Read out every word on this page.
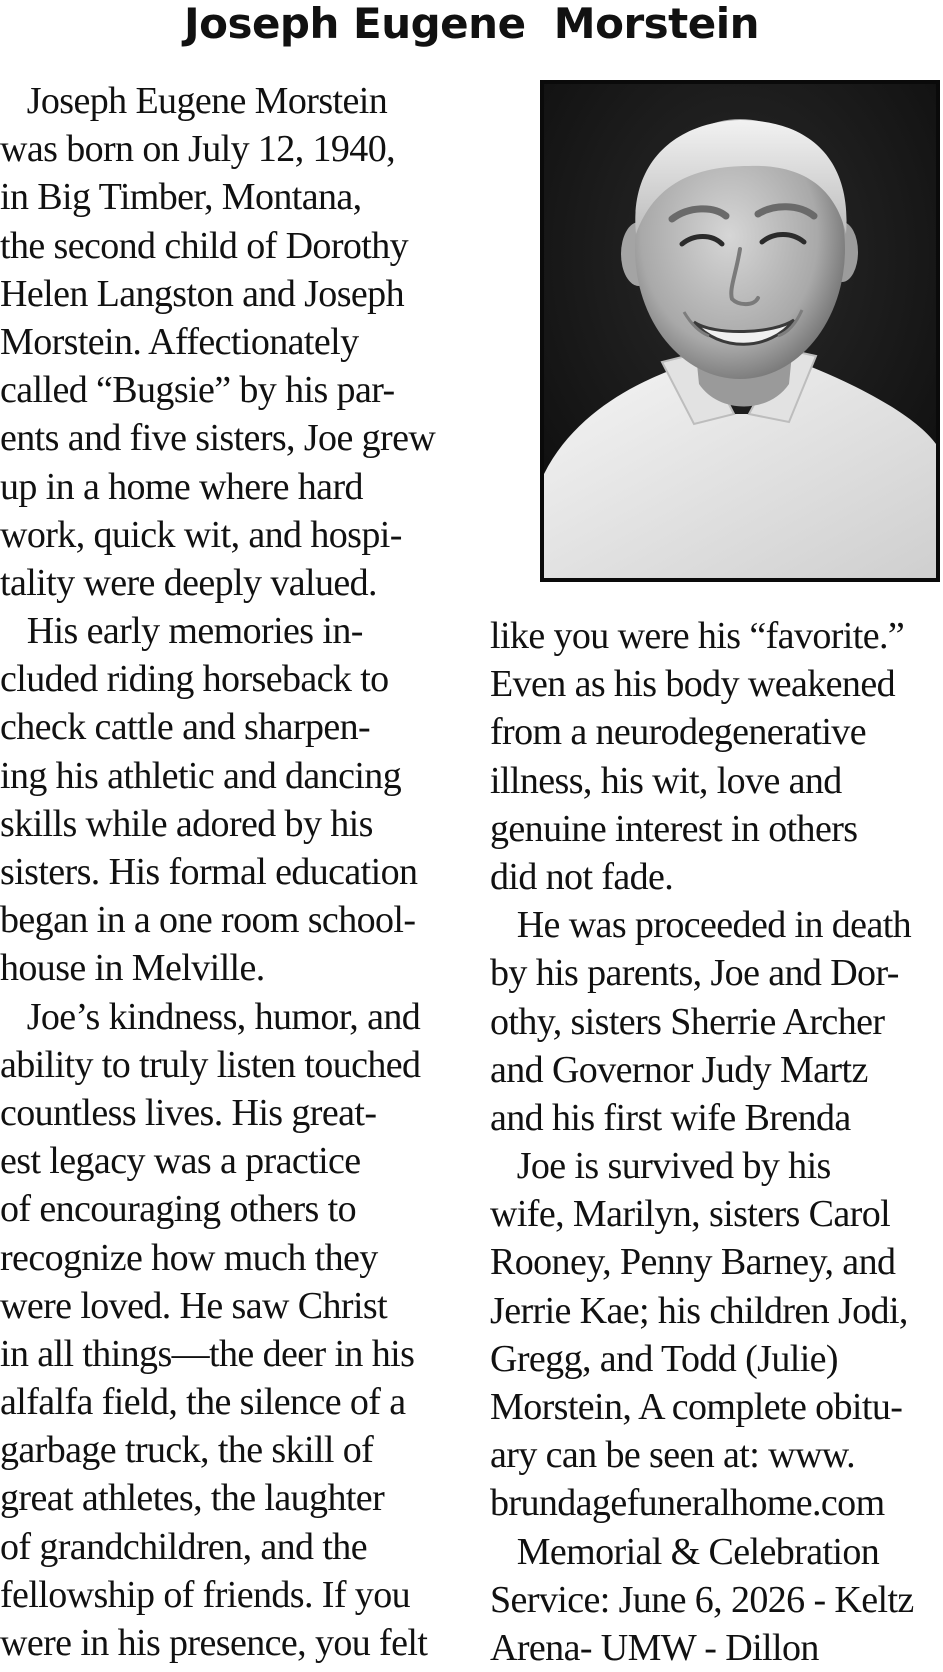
Joseph Eugene  Morstein
Joseph Eugene Morstein
was born on July 12, 1940,
in Big Timber, Montana,
the second child of Dorothy
Helen Langston and Joseph
Morstein. Affectionately
called “Bugsie” by his par-
ents and five sisters, Joe grew
up in a home where hard
work, quick wit, and hospi-
tality were deeply valued.
His early memories in-
cluded riding horseback to
check cattle and sharpen-
ing his athletic and dancing
skills while adored by his
sisters. His formal education
began in a one room school-
house in Melville.
Joe’s kindness, humor, and
ability to truly listen touched
countless lives. His great-
est legacy was a practice
of encouraging others to
recognize how much they
were loved. He saw Christ
in all things—the deer in his
alfalfa field, the silence of a
garbage truck, the skill of
great athletes, the laughter
of grandchildren, and the
fellowship of friends. If you
were in his presence, you felt
like you were his “favorite.”
Even as his body weakened
from a neurodegenerative
illness, his wit, love and
genuine interest in others
did not fade.
He was proceeded in death
by his parents, Joe and Dor-
othy, sisters Sherrie Archer
and Governor Judy Martz
and his first wife Brenda
Joe is survived by his
wife, Marilyn, sisters Carol
Rooney, Penny Barney, and
Jerrie Kae; his children Jodi,
Gregg, and Todd (Julie)
Morstein, A complete obitu-
ary can be seen at: www.
brundagefuneralhome.com
Memorial & Celebration
Service: June 6, 2026 - Keltz
Arena- UMW - Dillon
